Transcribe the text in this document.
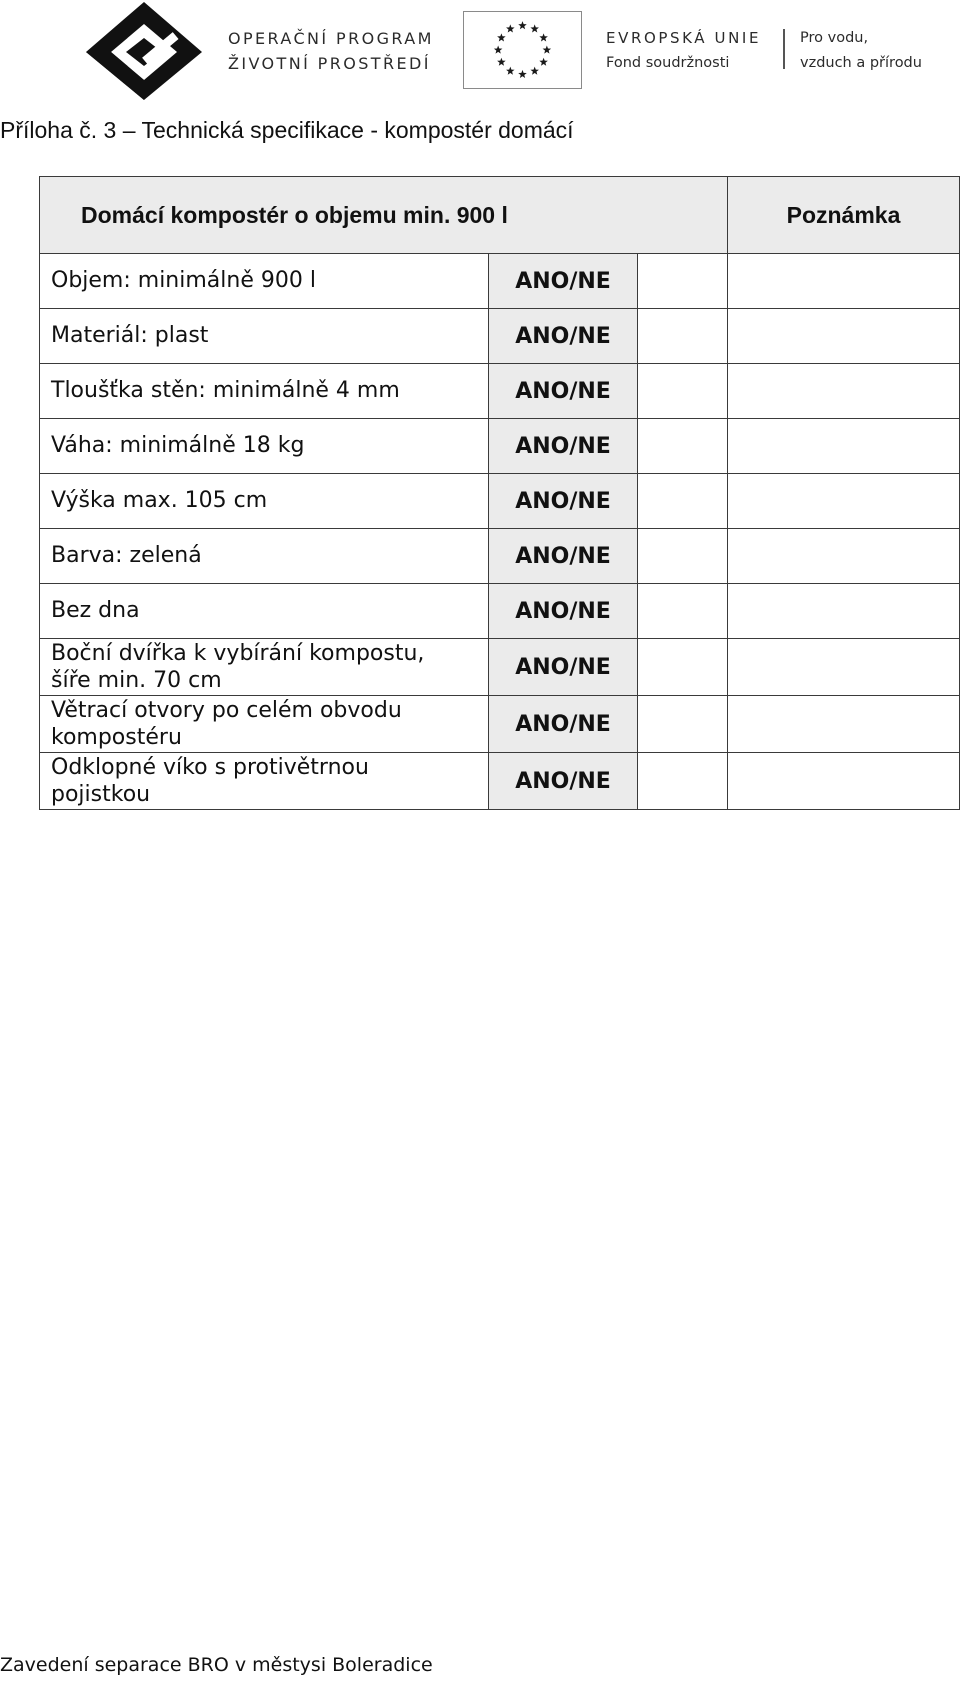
OPERAČNÍ PROGRAM
ŽIVOTNÍ PROSTŘEDÍ
EVROPSKÁ UNIE
Fond soudržnosti
Pro vodu,
vzduch a přírodu
Příloha č. 3 – Technická specifikace - kompostér domácí
Domácí kompostér o objemu min. 900 l			Poznámka

Objem: minimálně 900 l	ANO/NE		

Materiál: plast	ANO/NE		

Tloušťka stěn: minimálně 4 mm	ANO/NE		

Váha: minimálně 18 kg	ANO/NE		

Výška max. 105 cm	ANO/NE		

Barva: zelená	ANO/NE		

Bez dna	ANO/NE		

Boční dvířka k vybírání kompostu,
šíře min. 70 cm	ANO/NE		

Větrací otvory po celém obvodu
kompostéru	ANO/NE		

Odklopné víko s protivětrnou
pojistkou	ANO/NE		
Zavedení separace BRO v městysi Boleradice
